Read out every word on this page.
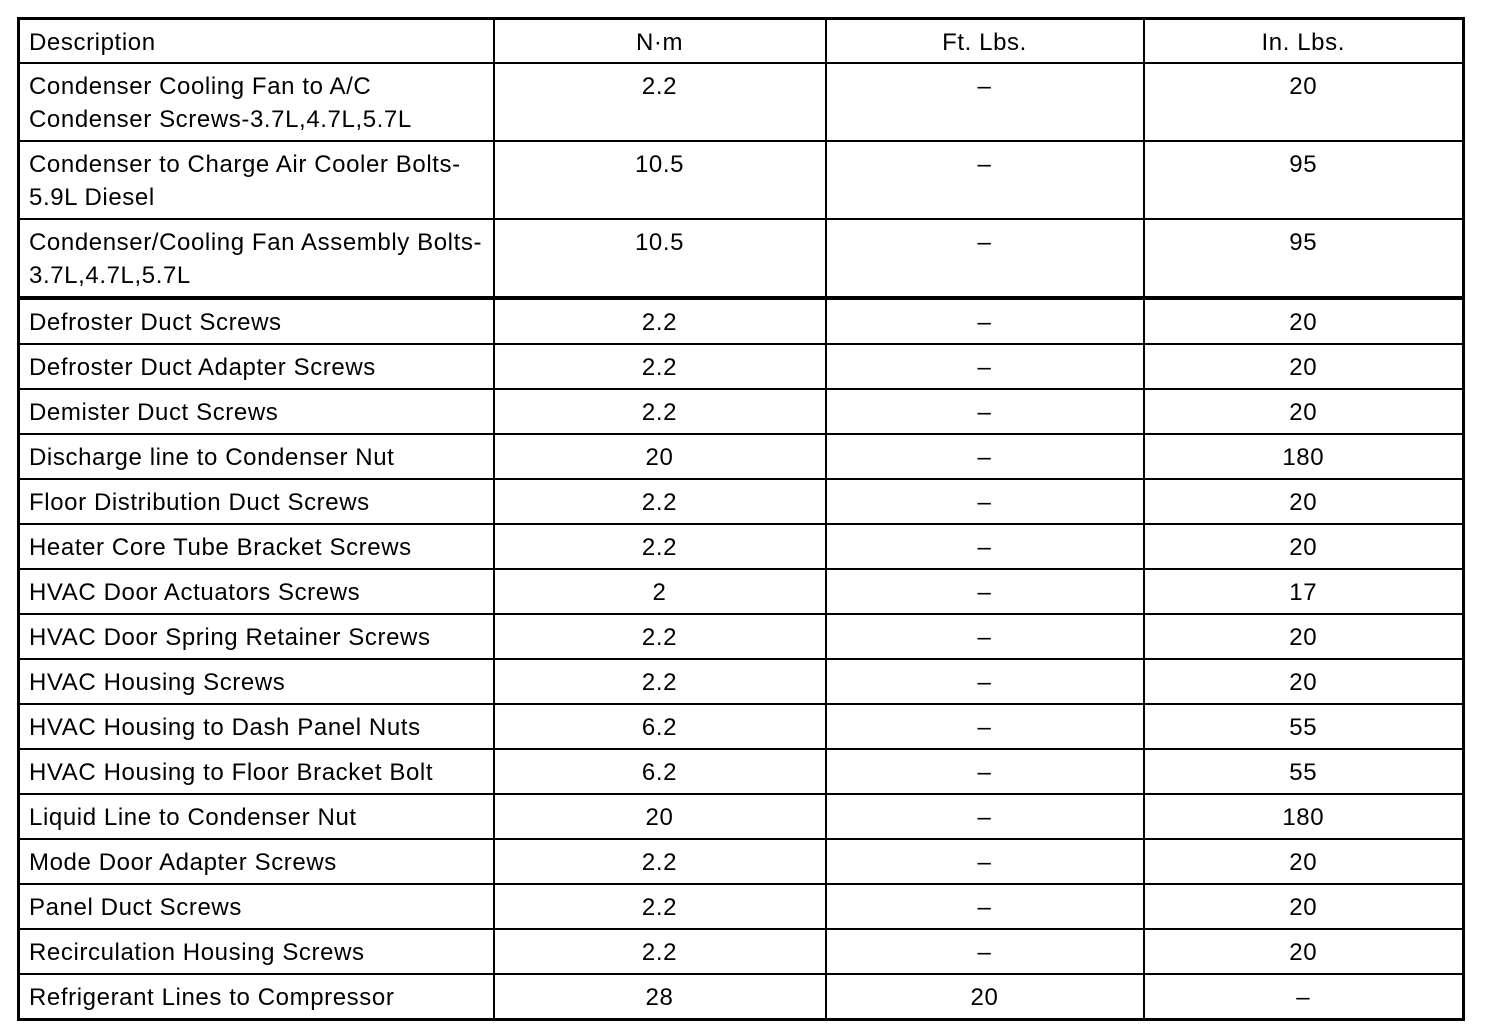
Description	N·m	Ft. Lbs.	In. Lbs.
Condenser Cooling Fan to A/C Condenser Screws-3.7L,4.7L,5.7L	2.2	–	20
Condenser to Charge Air Cooler Bolts-5.9L Diesel	10.5	–	95
Condenser/Cooling Fan Assembly Bolts-3.7L,4.7L,5.7L	10.5	–	95
Defroster Duct Screws	2.2	–	20
Defroster Duct Adapter Screws	2.2	–	20
Demister Duct Screws	2.2	–	20
Discharge line to Condenser Nut	20	–	180
Floor Distribution Duct Screws	2.2	–	20
Heater Core Tube Bracket Screws	2.2	–	20
HVAC Door Actuators Screws	2	–	17
HVAC Door Spring Retainer Screws	2.2	–	20
HVAC Housing Screws	2.2	–	20
HVAC Housing to Dash Panel Nuts	6.2	–	55
HVAC Housing to Floor Bracket Bolt	6.2	–	55
Liquid Line to Condenser Nut	20	–	180
Mode Door Adapter Screws	2.2	–	20
Panel Duct Screws	2.2	–	20
Recirculation Housing Screws	2.2	–	20
Refrigerant Lines to Compressor	28	20	–
